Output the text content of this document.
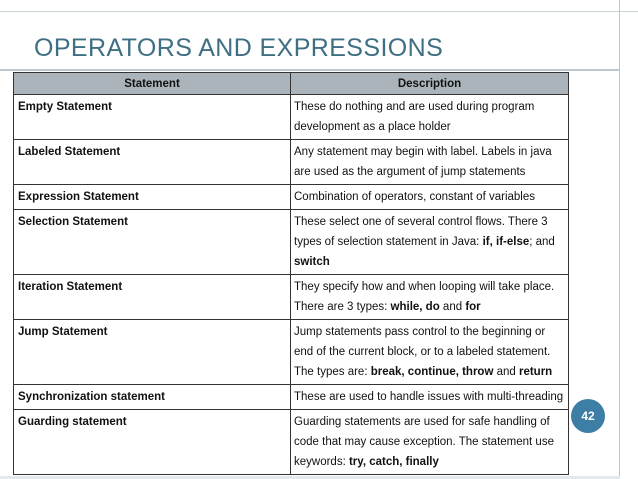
OPERATORS AND EXPRESSIONS
Statement	Description
Empty Statement	These do nothing and are used during program development as a place holder
Labeled Statement	Any statement may begin with label. Labels in java are used as the argument of jump statements
Expression Statement	Combination of operators, constant of variables
Selection Statement	These select one of several control flows. There 3 types of selection statement in Java: if, if-else; and switch
Iteration Statement	They specify how and when looping will take place. There are 3 types: while, do and for
Jump Statement	Jump statements pass control to the beginning or end of the current block, or to a labeled statement. The types are: break, continue, throw and return
Synchronization statement	These are used to handle issues with multi-threading
Guarding statement	Guarding statements are used for safe handling of code that may cause exception. The statement use keywords: try, catch, finally
42
